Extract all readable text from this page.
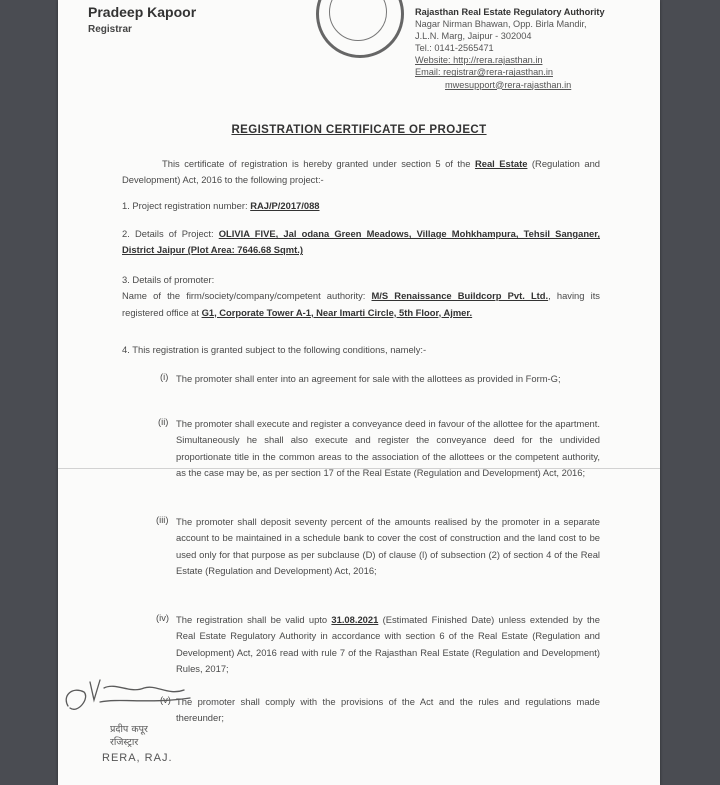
Pradeep Kapoor
Registrar
Rajasthan Real Estate Regulatory Authority
Nagar Nirman Bhawan, Opp. Birla Mandir,
J.L.N. Marg, Jaipur - 302004
Tel.: 0141-2565471
Website: http://rera.rajasthan.in
Email: registrar@rera-rajasthan.in
mwesupport@rera-rajasthan.in
REGISTRATION CERTIFICATE OF PROJECT
This certificate of registration is hereby granted under section 5 of the Real Estate (Regulation and Development) Act, 2016 to the following project:-
1. Project registration number: RAJ/P/2017/088
2. Details of Project: OLIVIA FIVE, Jal odana Green Meadows, Village Mohkhampura, Tehsil Sanganer, District Jaipur (Plot Area: 7646.68 Sqmt.)
3. Details of promoter:
Name of the firm/society/company/competent authority: M/S Renaissance Buildcorp Pvt. Ltd., having its registered office at G1, Corporate Tower A-1, Near Imarti Circle, 5th Floor, Ajmer.
4. This registration is granted subject to the following conditions, namely:-
(i) The promoter shall enter into an agreement for sale with the allottees as provided in Form-G;
(ii) The promoter shall execute and register a conveyance deed in favour of the allottee for the apartment. Simultaneously he shall also execute and register the conveyance deed for the undivided proportionate title in the common areas to the association of the allottees or the competent authority, as the case may be, as per section 17 of the Real Estate (Regulation and Development) Act, 2016;
(iii) The promoter shall deposit seventy percent of the amounts realised by the promoter in a separate account to be maintained in a schedule bank to cover the cost of construction and the land cost to be used only for that purpose as per subclause (D) of clause (l) of subsection (2) of section 4 of the Real Estate (Regulation and Development) Act, 2016;
(iv) The registration shall be valid upto 31.08.2021 (Estimated Finished Date) unless extended by the Real Estate Regulatory Authority in accordance with section 6 of the Real Estate (Regulation and Development) Act, 2016 read with rule 7 of the Rajasthan Real Estate (Regulation and Development) Rules, 2017;
(v) The promoter shall comply with the provisions of the Act and the rules and regulations made thereunder;
प्रदीप कपूर
रजिस्ट्रार
RERA, RAJ.
